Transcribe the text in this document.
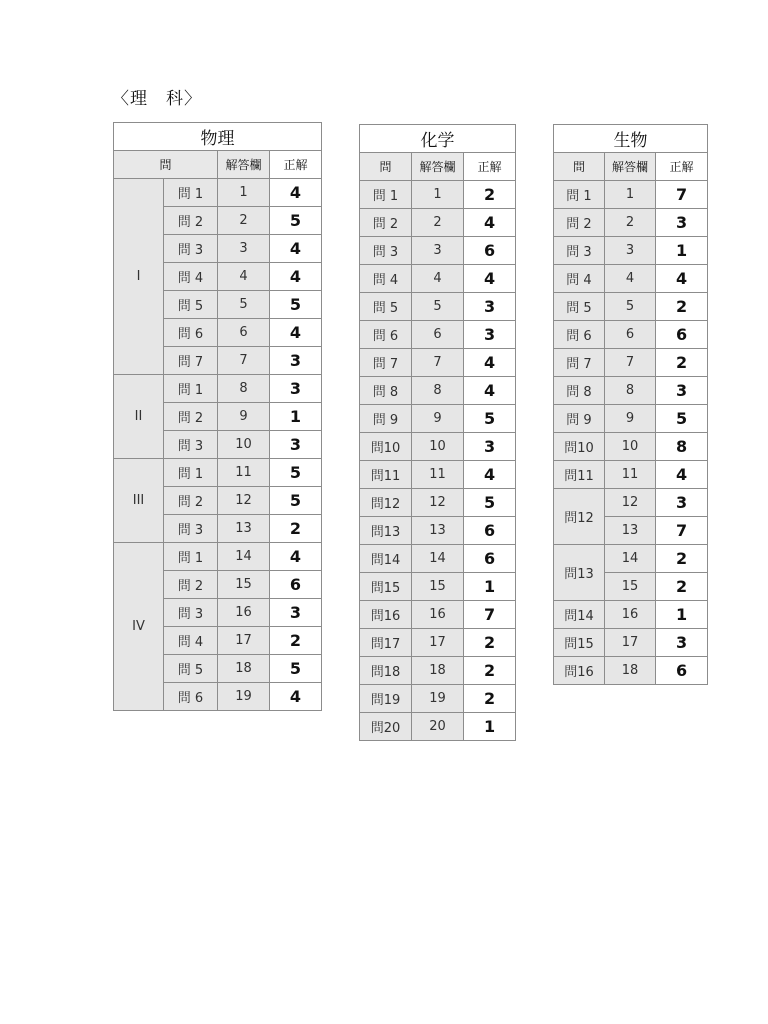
〈理　科〉
物理			
問		解答欄	正解
I	問 1	1	4
	問 2	2	5
	問 3	3	4
	問 4	4	4
	問 5	5	5
	問 6	6	4
	問 7	7	3
II	問 1	8	3
	問 2	9	1
	問 3	10	3
III	問 1	11	5
	問 2	12	5
	問 3	13	2
IV	問 1	14	4
	問 2	15	6
	問 3	16	3
	問 4	17	2
	問 5	18	5
	問 6	19	4
化学		
問	解答欄	正解
問 1	1	2
問 2	2	4
問 3	3	6
問 4	4	4
問 5	5	3
問 6	6	3
問 7	7	4
問 8	8	4
問 9	9	5
問10	10	3
問11	11	4
問12	12	5
問13	13	6
問14	14	6
問15	15	1
問16	16	7
問17	17	2
問18	18	2
問19	19	2
問20	20	1
生物		
問	解答欄	正解
問 1	1	7
問 2	2	3
問 3	3	1
問 4	4	4
問 5	5	2
問 6	6	6
問 7	7	2
問 8	8	3
問 9	9	5
問10	10	8
問11	11	4
問12	12	3
	13	7
問13	14	2
	15	2
問14	16	1
問15	17	3
問16	18	6
